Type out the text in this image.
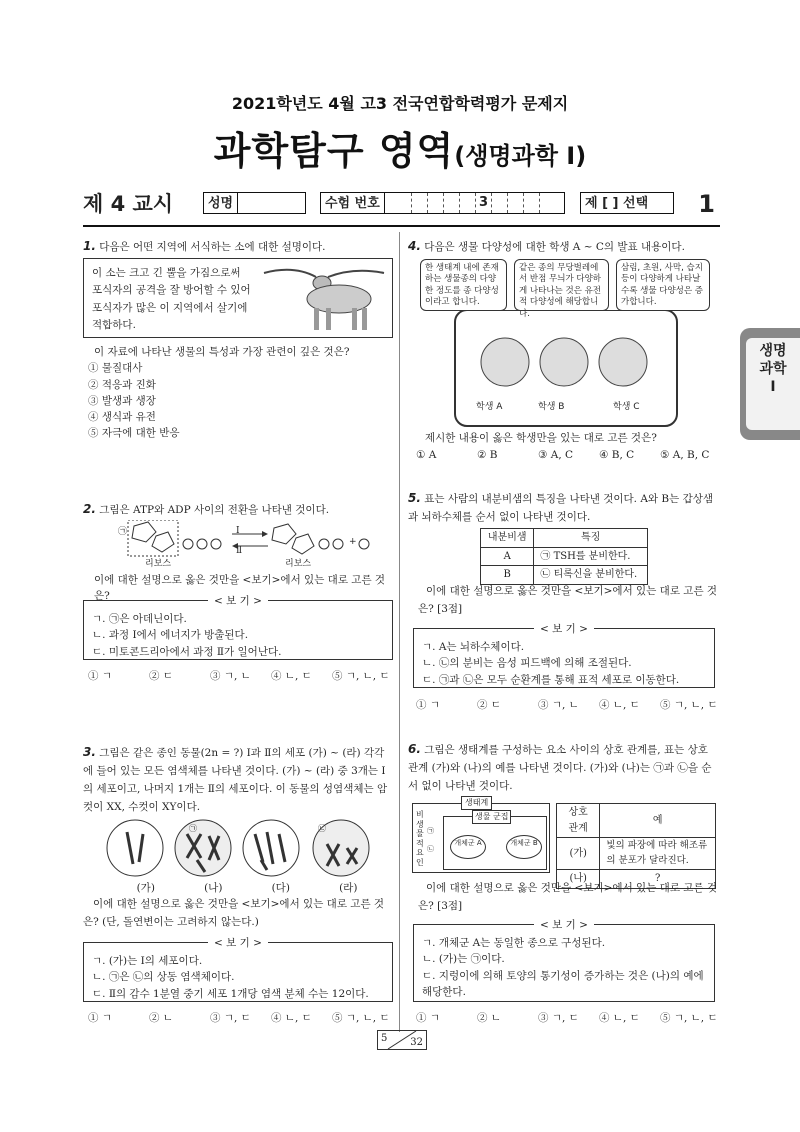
2021학년도 4월 고3 전국연합학력평가 문제지
과학탐구 영역(생명과학 Ⅰ)
제 4 교시	성명	수험 번호	3	제 [ ] 선택 1
생명
과학
Ⅰ
1. 다음은 어떤 지역에 서식하는 소에 대한 설명이다.
이 소는 크고 긴 뿔을 가짐으로써 포식자의 공격을 잘 방어할 수 있어 포식자가 많은 이 지역에서 살기에 적합하다.
이 자료에 나타난 생물의 특성과 가장 관련이 깊은 것은?
① 물질대사
② 적응과 진화
③ 발생과 생장
④ 생식과 유전
⑤ 자극에 대한 반응
2. 그림은 ATP와 ADP 사이의 전환을 나타낸 것이다.
㉠	Ⅰ
Ⅱ
+
리보스	리보스
이에 대한 설명으로 옳은 것만을 <보기>에서 있는 대로 고른 것은?	< 보 기 >
ㄱ. ㉠은 아데닌이다.
ㄴ. 과정 Ⅰ에서 에너지가 방출된다.
ㄷ. 미토콘드리아에서 과정 Ⅱ가 일어난다.
① ㄱ	② ㄷ	③ ㄱ, ㄴ	④ ㄴ, ㄷ	⑤ ㄱ, ㄴ, ㄷ
3. 그림은 같은 종인 동물(2n = ?) Ⅰ과 Ⅱ의 세포 (가) ~ (라) 각각에 들어 있는 모든 염색체를 나타낸 것이다. (가) ~ (라) 중 3개는 Ⅰ의 세포이고, 나머지 1개는 Ⅱ의 세포이다. 이 동물의 성염색체는 암컷이 XX, 수컷이 XY이다.
㉠	㉡
(가)	(나)	(다)	(라)
이에 대한 설명으로 옳은 것만을 <보기>에서 있는 대로 고른 것은? (단, 돌연변이는 고려하지 않는다.)
< 보 기 >
ㄱ. (가)는 Ⅰ의 세포이다.
ㄴ. ㉠은 ㉡의 상동 염색체이다.
ㄷ. Ⅱ의 감수 1분열 중기 세포 1개당 염색 분체 수는 12이다.
① ㄱ	② ㄴ	③ ㄱ, ㄷ	④ ㄴ, ㄷ	⑤ ㄱ, ㄴ, ㄷ
4. 다음은 생물 다양성에 대한 학생 A ~ C의 발표 내용이다.
한 생태계 내에 존재하는 생물종의 다양한 정도를 종 다양성이라고 합니다.
같은 종의 무당벌레에서 반점 무늬가 다양하게 나타나는 것은 유전적 다양성에 해당합니다.
삼림, 초원, 사막, 습지 등이 다양하게 나타날수록 생물 다양성은 증가합니다.
학생 A	학생 B	학생 C
제시한 내용이 옳은 학생만을 있는 대로 고른 것은?
① A	② B	③ A, C	④ B, C	⑤ A, B, C
5. 표는 사람의 내분비샘의 특징을 나타낸 것이다. A와 B는 갑상샘과 뇌하수체를 순서 없이 나타낸 것이다.
내분비샘	특징
A	㉠ TSH를 분비한다.
B	㉡ 티록신을 분비한다.
이에 대한 설명으로 옳은 것만을 <보기>에서 있는 대로 고른 것은? [3점]
< 보 기 >
ㄱ. A는 뇌하수체이다.
ㄴ. ㉡의 분비는 음성 피드백에 의해 조절된다.
ㄷ. ㉠과 ㉡은 모두 순환계를 통해 표적 세포로 이동한다.
① ㄱ	② ㄷ	③ ㄱ, ㄴ	④ ㄴ, ㄷ	⑤ ㄱ, ㄴ, ㄷ
6. 그림은 생태계를 구성하는 요소 사이의 상호 관계를, 표는 상호 관계 (가)와 (나)의 예를 나타낸 것이다. (가)와 (나)는 ㉠과 ㉡을 순서 없이 나타낸 것이다.
생태계
비생물적 요인
생물 군집
개체군 A	개체군 B
㉠
㉡
상호 관계	예
(가)	빛의 파장에 따라 해조류의 분포가 달라진다.
(나)	?
이에 대한 설명으로 옳은 것만을 <보기>에서 있는 대로 고른 것은? [3점]
< 보 기 >
ㄱ. 개체군 A는 동일한 종으로 구성된다.
ㄴ. (가)는 ㉠이다.
ㄷ. 지렁이에 의해 토양의 통기성이 증가하는 것은 (나)의 예에 해당한다.
① ㄱ	② ㄴ	③ ㄱ, ㄷ	④ ㄴ, ㄷ	⑤ ㄱ, ㄴ, ㄷ
5 32
